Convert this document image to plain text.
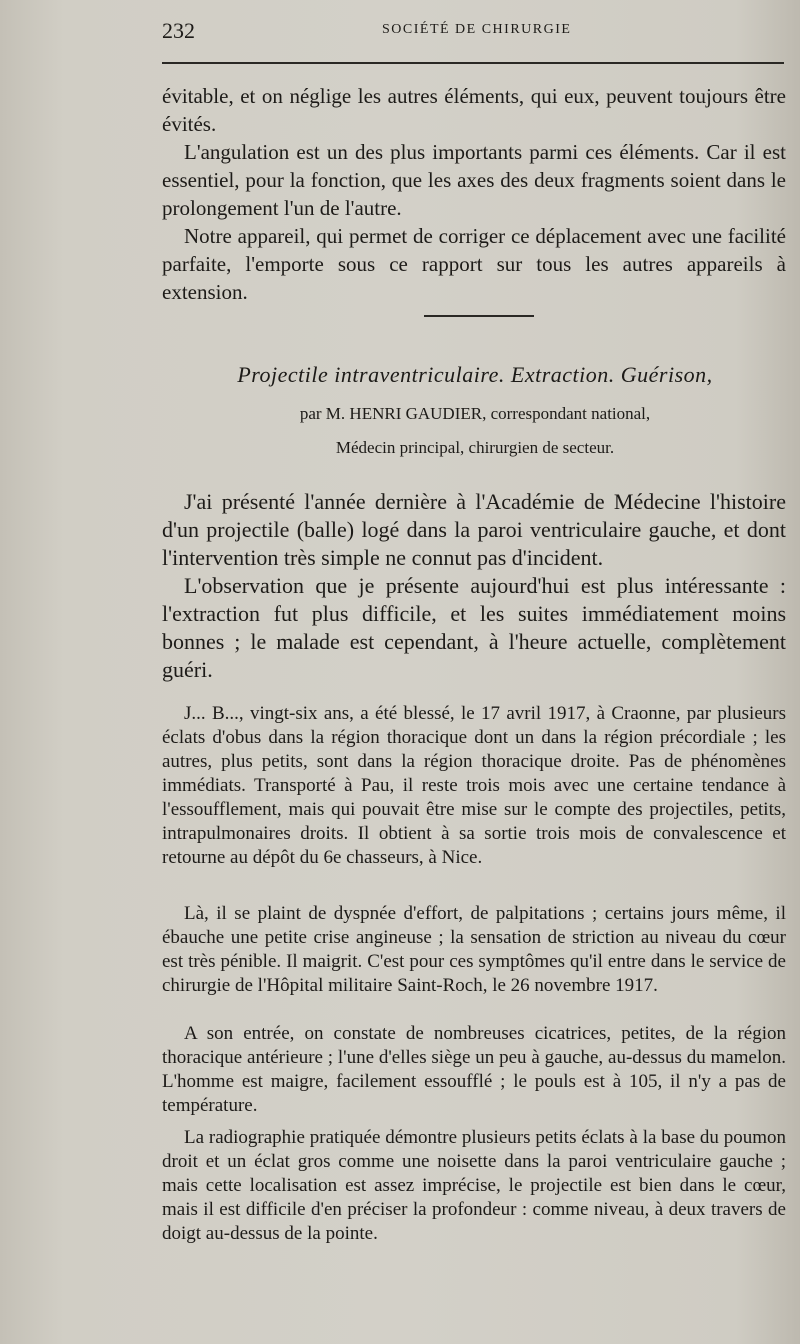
232	SOCIÉTÉ DE CHIRURGIE

évitable, et on néglige les autres éléments, qui eux, peuvent toujours être évités.

L'angulation est un des plus importants parmi ces éléments. Car il est essentiel, pour la fonction, que les axes des deux fragments soient dans le prolongement l'un de l'autre.

Notre appareil, qui permet de corriger ce déplacement avec une facilité parfaite, l'emporte sous ce rapport sur tous les autres appareils à extension.

Projectile intraventriculaire. Extraction. Guérison,
par M. HENRI GAUDIER, correspondant national,
Médecin principal, chirurgien de secteur.

J'ai présenté l'année dernière à l'Académie de Médecine l'histoire d'un projectile (balle) logé dans la paroi ventriculaire gauche, et dont l'intervention très simple ne connut pas d'incident.

L'observation que je présente aujourd'hui est plus intéressante : l'extraction fut plus difficile, et les suites immédiatement moins bonnes ; le malade est cependant, à l'heure actuelle, complètement guéri.

J... B..., vingt-six ans, a été blessé, le 17 avril 1917, à Craonne, par plusieurs éclats d'obus dans la région thoracique dont un dans la région précordiale ; les autres, plus petits, sont dans la région thoracique droite. Pas de phénomènes immédiats. Transporté à Pau, il reste trois mois avec une certaine tendance à l'essoufflement, mais qui pouvait être mise sur le compte des projectiles, petits, intrapulmonaires droits. Il obtient à sa sortie trois mois de convalescence et retourne au dépôt du 6e chasseurs, à Nice.

Là, il se plaint de dyspnée d'effort, de palpitations ; certains jours même, il ébauche une petite crise angineuse ; la sensation de striction au niveau du cœur est très pénible. Il maigrit. C'est pour ces symptômes qu'il entre dans le service de chirurgie de l'Hôpital militaire Saint-Roch, le 26 novembre 1917.

A son entrée, on constate de nombreuses cicatrices, petites, de la région thoracique antérieure ; l'une d'elles siège un peu à gauche, au-dessus du mamelon. L'homme est maigre, facilement essoufflé ; le pouls est à 105, il n'y a pas de température.

La radiographie pratiquée démontre plusieurs petits éclats à la base du poumon droit et un éclat gros comme une noisette dans la paroi ventriculaire gauche ; mais cette localisation est assez imprécise, le projectile est bien dans le cœur, mais il est difficile d'en préciser la profondeur : comme niveau, à deux travers de doigt au-dessus de la pointe.
